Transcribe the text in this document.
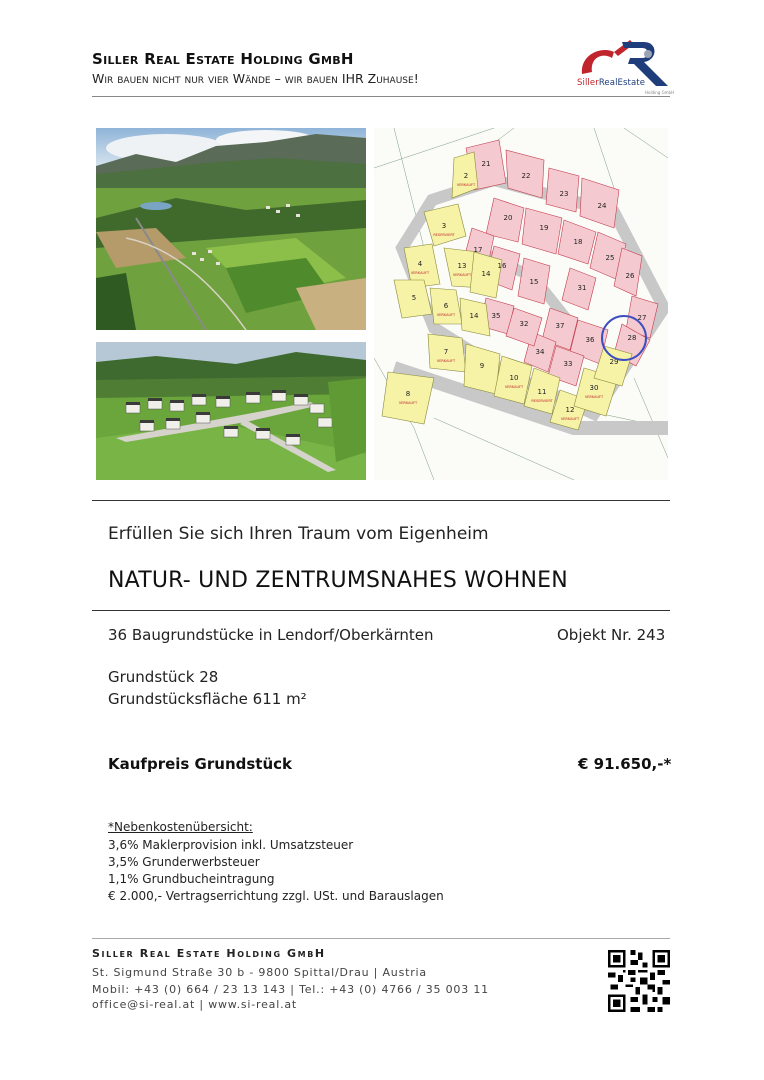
Siller Real Estate Holding GmbH
Wir bauen nicht nur vier Wände – wir bauen IHR Zuhause!	SillerRealEstate
Holding GmbH
21
22
23
24
20
19
18
25
26
17
16
15
27
28
37
36
34
33
35
32
31
2
3
4
5
6
14
7
8
9
10
11
12
30
29
13
14
VERKAUFT
RESERVIERT
VERKAUFT
VERKAUFT
VERKAUFT
VERKAUFT
VERKAUFT
RESERVIERT
VERKAUFT
VERKAUFT
VERKAUFT
Erfüllen Sie sich Ihren Traum vom Eigenheim
NATUR- UND ZENTRUMSNAHES WOHNEN
36 Baugrundstücke in Lendorf/Oberkärnten	Objekt Nr. 243
Grundstück 28
Grundstücksfläche 611 m²
Kaufpreis Grundstück	€ 91.650,-*
*Nebenkostenübersicht:
3,6% Maklerprovision inkl. Umsatzsteuer
3,5% Grunderwerbsteuer
1,1% Grundbucheintragung
€ 2.000,- Vertragserrichtung zzgl. USt. und Barauslagen
Siller Real Estate Holding GmbH
St. Sigmund Straße 30 b - 9800 Spittal/Drau | Austria
Mobil: +43 (0) 664 / 23 13 143 | Tel.: +43 (0) 4766 / 35 003 11
office@si-real.at | www.si-real.at
